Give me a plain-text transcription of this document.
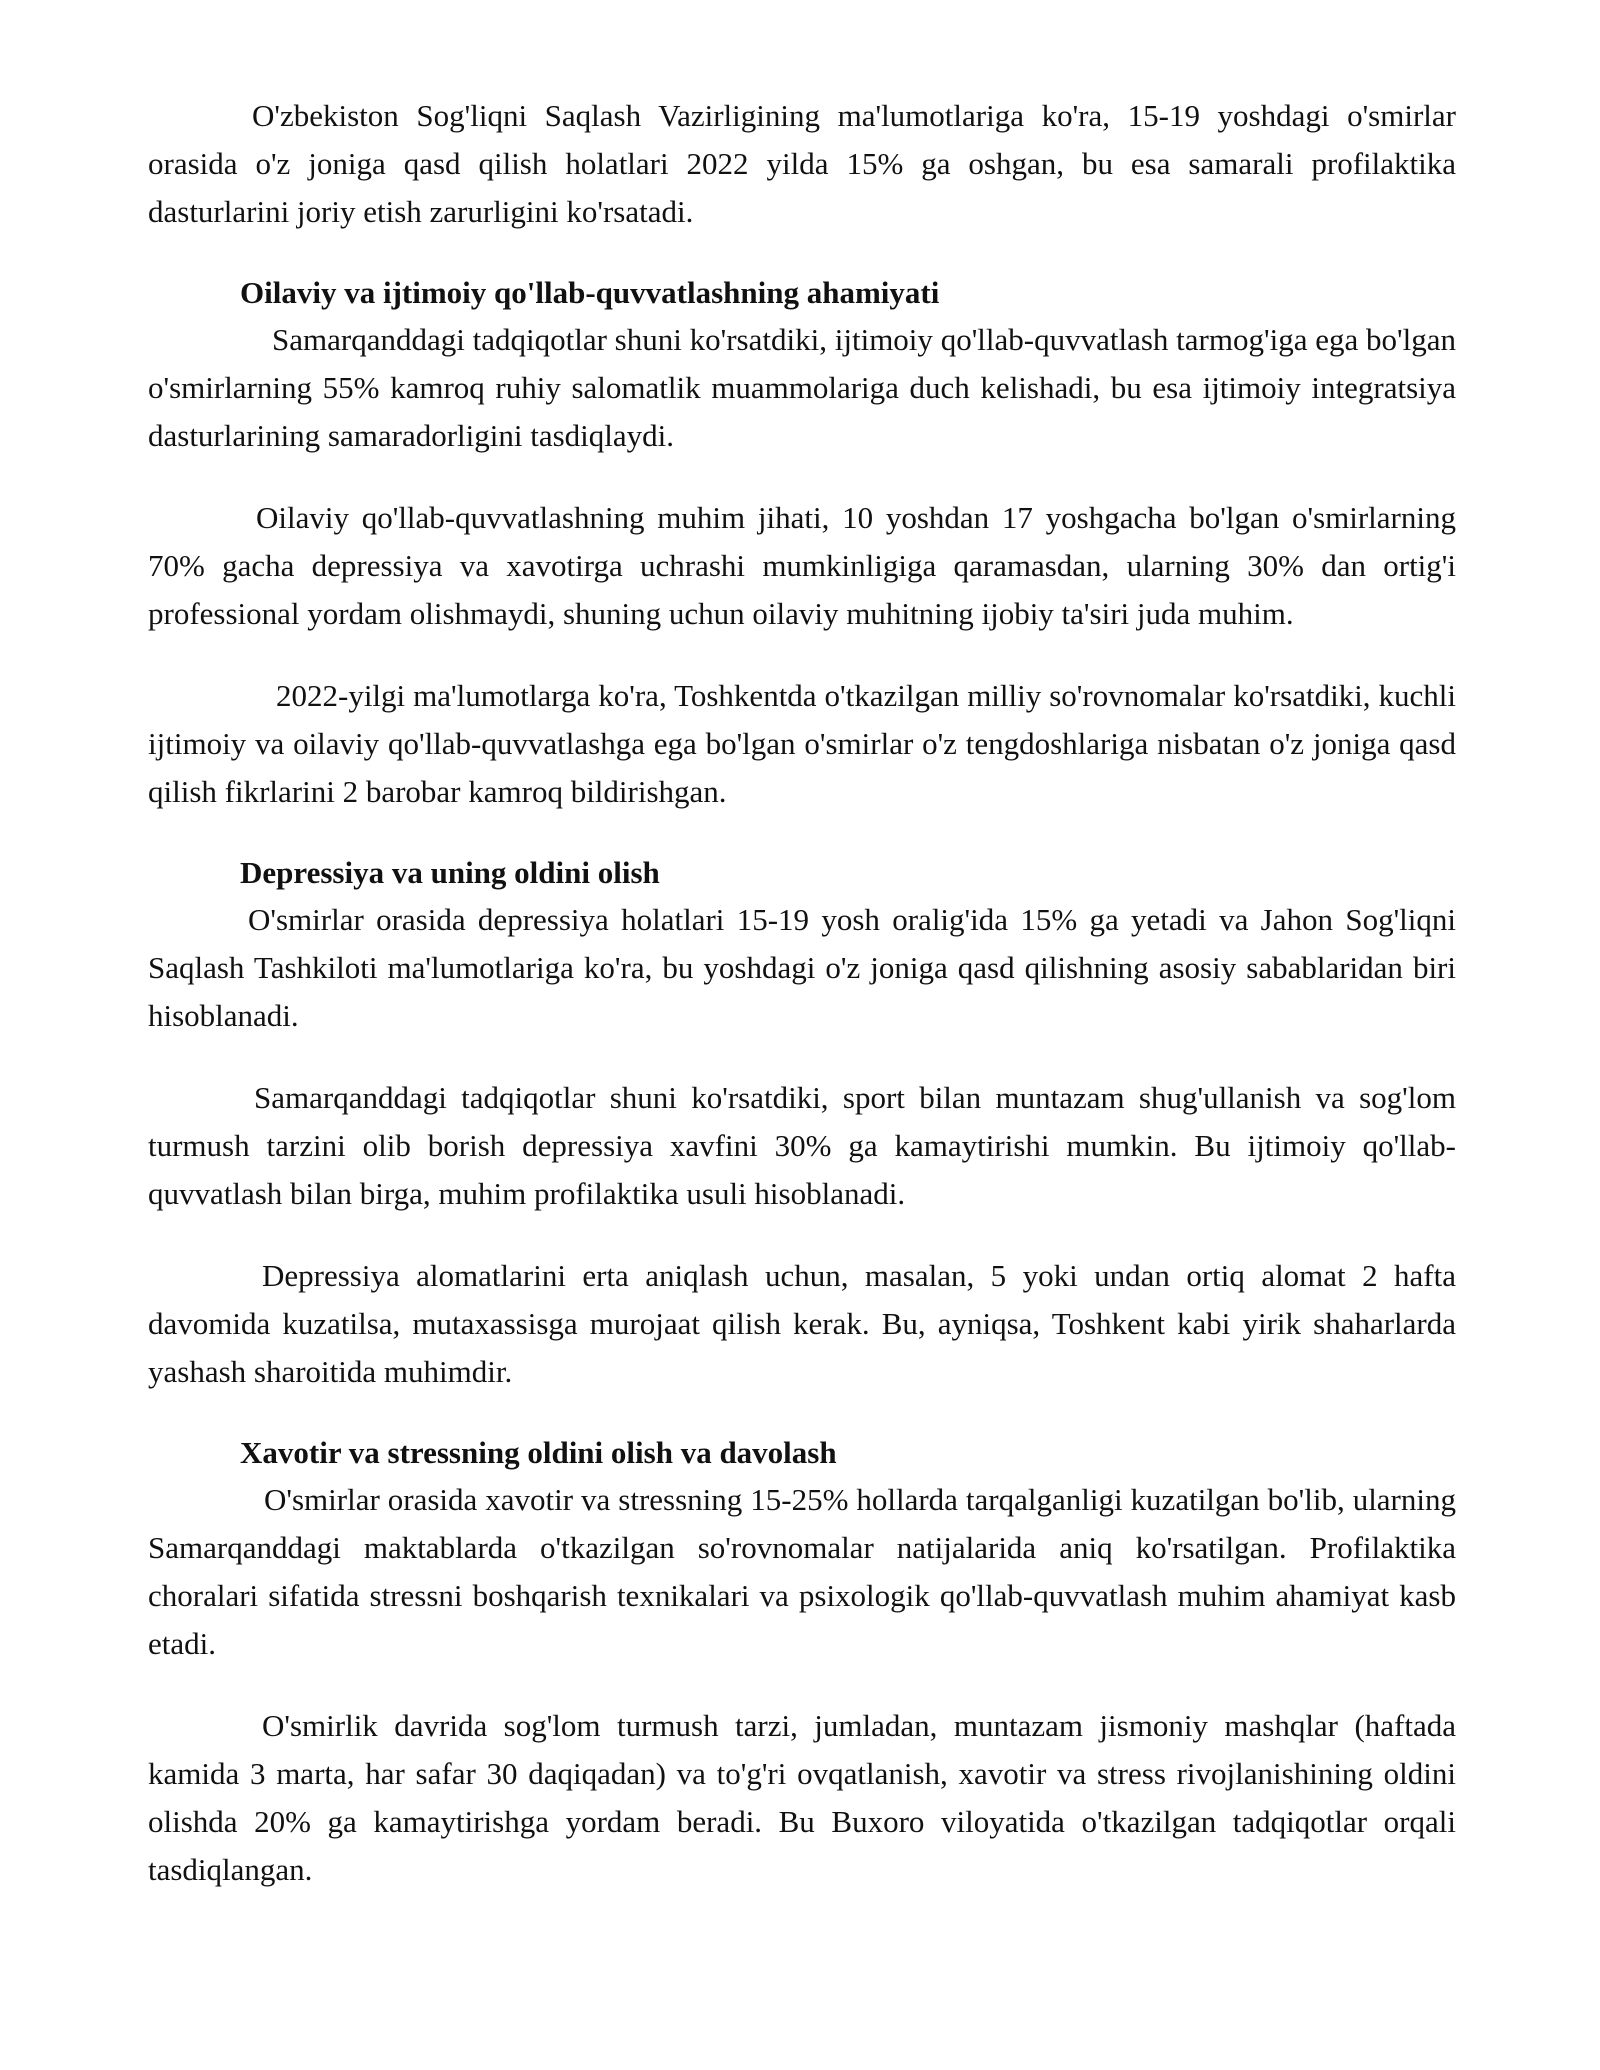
O'zbekiston Sog'liqni Saqlash Vazirligining ma'lumotlariga ko'ra, 15-19 yoshdagi o'smirlar orasida o'z joniga qasd qilish holatlari 2022 yilda 15% ga oshgan, bu esa samarali profilaktika dasturlarini joriy etish zarurligini ko'rsatadi.

Oilaviy va ijtimoiy qo'llab-quvvatlashning ahamiyati

Samarqanddagi tadqiqotlar shuni ko'rsatdiki, ijtimoiy qo'llab-quvvatlash tarmog'iga ega bo'lgan o'smirlarning 55% kamroq ruhiy salomatlik muammolariga duch kelishadi, bu esa ijtimoiy integratsiya dasturlarining samaradorligini tasdiqlaydi.

Oilaviy qo'llab-quvvatlashning muhim jihati, 10 yoshdan 17 yoshgacha bo'lgan o'smirlarning 70% gacha depressiya va xavotirga uchrashi mumkinligiga qaramasdan, ularning 30% dan ortig'i professional yordam olishmaydi, shuning uchun oilaviy muhitning ijobiy ta'siri juda muhim.

2022-yilgi ma'lumotlarga ko'ra, Toshkentda o'tkazilgan milliy so'rovnomalar ko'rsatdiki, kuchli ijtimoiy va oilaviy qo'llab-quvvatlashga ega bo'lgan o'smirlar o'z tengdoshlariga nisbatan o'z joniga qasd qilish fikrlarini 2 barobar kamroq bildirishgan.

Depressiya va uning oldini olish

O'smirlar orasida depressiya holatlari 15-19 yosh oralig'ida 15% ga yetadi va Jahon Sog'liqni Saqlash Tashkiloti ma'lumotlariga ko'ra, bu yoshdagi o'z joniga qasd qilishning asosiy sabablaridan biri hisoblanadi.

Samarqanddagi tadqiqotlar shuni ko'rsatdiki, sport bilan muntazam shug'ullanish va sog'lom turmush tarzini olib borish depressiya xavfini 30% ga kamaytirishi mumkin. Bu ijtimoiy qo'llab-quvvatlash bilan birga, muhim profilaktika usuli hisoblanadi.

Depressiya alomatlarini erta aniqlash uchun, masalan, 5 yoki undan ortiq alomat 2 hafta davomida kuzatilsa, mutaxassisga murojaat qilish kerak. Bu, ayniqsa, Toshkent kabi yirik shaharlarda yashash sharoitida muhimdir.

Xavotir va stressning oldini olish va davolash

O'smirlar orasida xavotir va stressning 15-25% hollarda tarqalganligi kuzatilgan bo'lib, ularning Samarqanddagi maktablarda o'tkazilgan so'rovnomalar natijalarida aniq ko'rsatilgan. Profilaktika choralari sifatida stressni boshqarish texnikalari va psixologik qo'llab-quvvatlash muhim ahamiyat kasb etadi.

O'smirlik davrida sog'lom turmush tarzi, jumladan, muntazam jismoniy mashqlar (haftada kamida 3 marta, har safar 30 daqiqadan) va to'g'ri ovqatlanish, xavotir va stress rivojlanishining oldini olishda 20% ga kamaytirishga yordam beradi. Bu Buxoro viloyatida o'tkazilgan tadqiqotlar orqali tasdiqlangan.
